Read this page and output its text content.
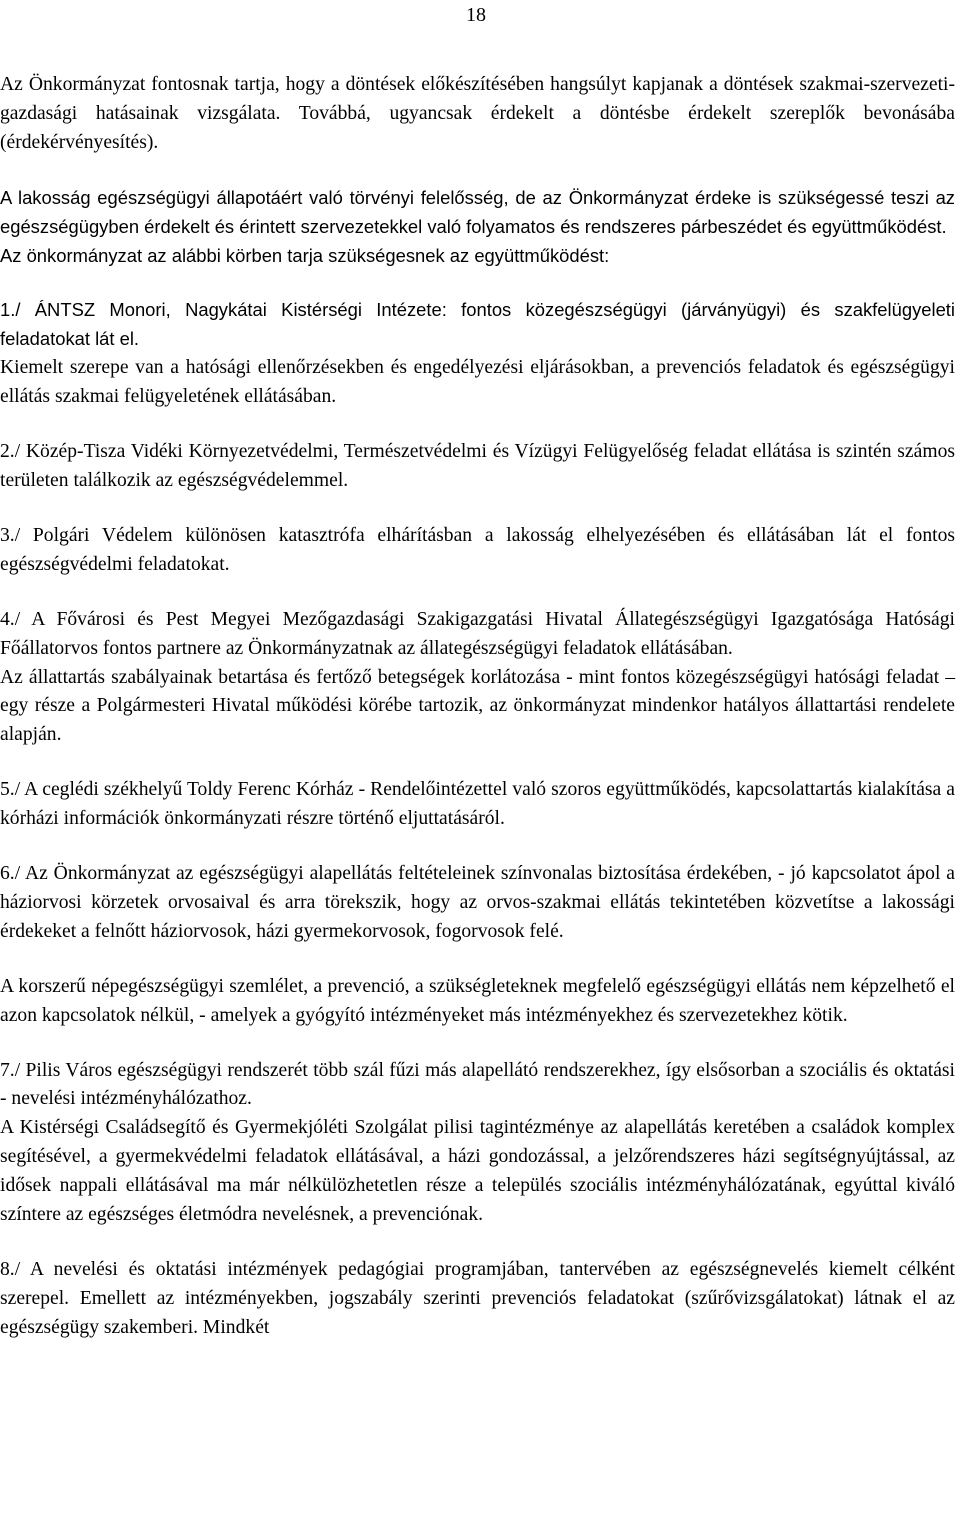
18

Az Önkormányzat fontosnak tartja, hogy a döntések előkészítésében hangsúlyt kapjanak a döntések szakmai-szervezeti-gazdasági hatásainak vizsgálata. Továbbá, ugyancsak érdekelt a döntésbe érdekelt szereplők bevonásába (érdekérvényesítés).

A lakosság egészségügyi állapotáért való törvényi felelősség, de az Önkormányzat érdeke is szükségessé teszi az egészségügyben érdekelt és érintett szervezetekkel való folyamatos és rendszeres párbeszédet és együttműködést.

Az önkormányzat az alábbi körben tarja szükségesnek az együttműködést:

1./ ÁNTSZ Monori, Nagykátai Kistérségi Intézete: fontos közegészségügyi (járványügyi) és szakfelügyeleti feladatokat lát el.

Kiemelt szerepe van a hatósági ellenőrzésekben és engedélyezési eljárásokban, a prevenciós feladatok és egészségügyi ellátás szakmai felügyeletének ellátásában.

2./ Közép-Tisza Vidéki Környezetvédelmi, Természetvédelmi és Vízügyi Felügyelőség feladat ellátása is szintén számos területen találkozik az egészségvédelemmel.

3./ Polgári Védelem különösen katasztrófa elhárításban a lakosság elhelyezésében és ellátásában lát el fontos egészségvédelmi feladatokat.

4./ A Fővárosi és Pest Megyei Mezőgazdasági Szakigazgatási Hivatal Állategészségügyi Igazgatósága Hatósági Főállatorvos fontos partnere az Önkormányzatnak az állategészségügyi feladatok ellátásában.

Az állattartás szabályainak betartása és fertőző betegségek korlátozása - mint fontos közegészségügyi hatósági feladat – egy része a Polgármesteri Hivatal működési körébe tartozik, az önkormányzat mindenkor hatályos állattartási rendelete alapján.

5./ A ceglédi székhelyű Toldy Ferenc Kórház - Rendelőintézettel való szoros együttműködés, kapcsolattartás kialakítása a kórházi információk önkormányzati részre történő eljuttatásáról.

6./ Az Önkormányzat az egészségügyi alapellátás feltételeinek színvonalas biztosítása érdekében, - jó kapcsolatot ápol a háziorvosi körzetek orvosaival és arra törekszik, hogy az orvos-szakmai ellátás tekintetében közvetítse a lakossági érdekeket a felnőtt háziorvosok, házi gyermekorvosok, fogorvosok felé.

A korszerű népegészségügyi szemlélet, a prevenció, a szükségleteknek megfelelő egészségügyi ellátás nem képzelhető el azon kapcsolatok nélkül, - amelyek a gyógyító intézményeket más intézményekhez és szervezetekhez kötik.

7./ Pilis Város egészségügyi rendszerét több szál fűzi más alapellátó rendszerekhez, így elsősorban a szociális és oktatási - nevelési intézményhálózathoz.

A Kistérségi Családsegítő és Gyermekjóléti Szolgálat pilisi tagintézménye az alapellátás keretében a családok komplex segítésével, a gyermekvédelmi feladatok ellátásával, a házi gondozással, a jelzőrendszeres házi segítségnyújtással, az idősek nappali ellátásával ma már nélkülözhetetlen része a település szociális intézményhálózatának, egyúttal kiváló színtere az egészséges életmódra nevelésnek, a prevenciónak.

8./ A nevelési és oktatási intézmények pedagógiai programjában, tantervében az egészségnevelés kiemelt célként szerepel. Emellett az intézményekben, jogszabály szerinti prevenciós feladatokat (szűrővizsgálatokat) látnak el az egészségügy szakemberi. Mindkét
